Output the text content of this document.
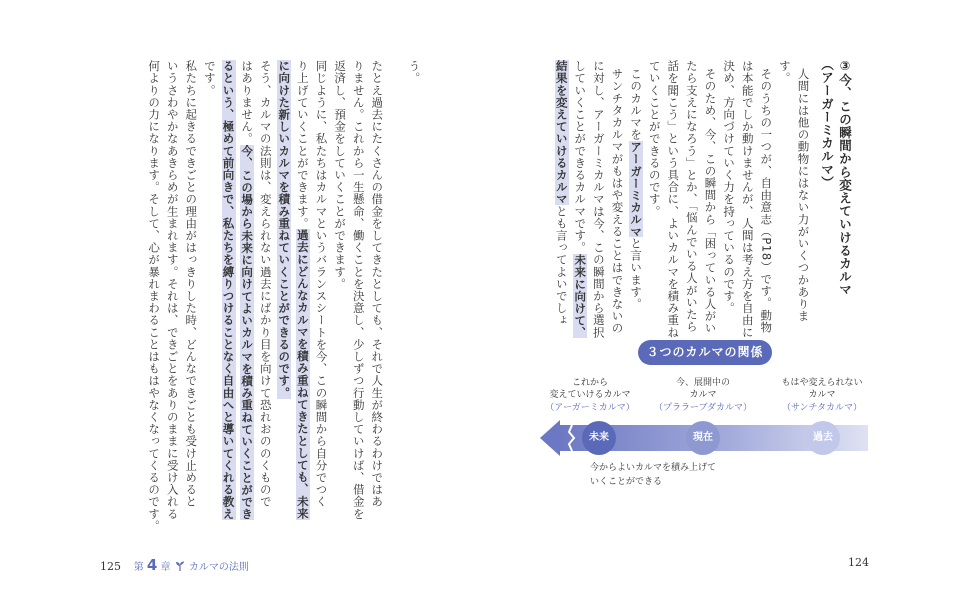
う。
たとえ過去にたくさんの借金をしてきたとしても、それで人生が終わるわけではあ
りません。これから一生懸命、働くことを決意し、少しずつ行動していけば、借金を
返済し、預金をしていくことができます。
同じように、私たちはカルマというバランスシートを今、この瞬間から自分でつく
り上げていくことができます。過去にどんなカルマを積み重ねてきたとしても、未来
に向けた新しいカルマを積み重ねていくことができるのです。
そう、カルマの法則は、変えられない過去にばかり目を向けて恐れおののくもので
はありません。今、この場から未来に向けてよいカルマを積み重ねていくことができ
るという、極めて前向きで、私たちを縛りつけることなく自由へと導いてくれる教え
です。
私たちに起きるできごとの理由がはっきりした時、どんなできごとも受け止めると
いうさわやかなあきらめが生まれます。それは、できごとをありのままに受け入れる
何よりの力になります。そして、心が暴れまわることはもはやなくなってくるのです。
125 第 4 章 カルマの法則
③今、この瞬間から変えていけるカルマ
（アーガーミカルマ）
人間には他の動物にはない力がいくつかありま
す。
そのうちの一つが、自由意志（P18）です。動物
は本能でしか動けませんが、人間は考え方を自由に
決め、方向づけていく力を持っているのです。
そのため、今、この瞬間から「困っている人がい
たら支えになろう」とか、「悩んでいる人がいたら
話を聞こう」という具合に、よいカルマを積み重ね
ていくことができるのです。
このカルマをアーガーミカルマと言います。
サンチタカルマがもはや変えることはできないの
に対し、アーガーミカルマは今、この瞬間から選択
していくことができるカルマです。未来に向けて、
結果を変えていけるカルマとも言ってよいでしょ
124
３つのカルマの関係
これから
変えていけるカルマ
（アーガーミカルマ）
今、展開中の
カルマ
（プララーブダカルマ）
もはや変えられない
カルマ
（サンチタカルマ）
未来	現在	過去
今からよいカルマを積み上げて
いくことができる
